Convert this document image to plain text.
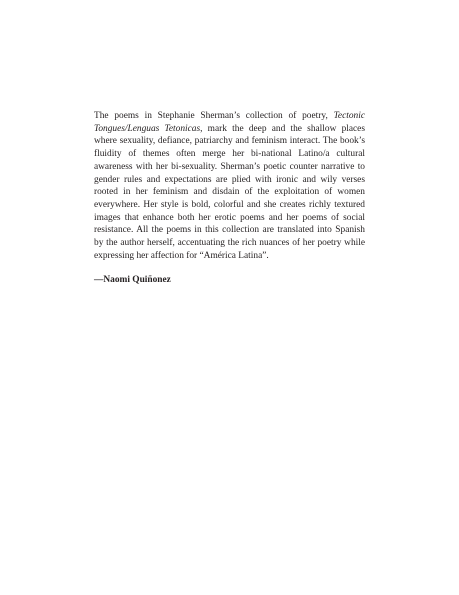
The poems in Stephanie Sherman’s collection of poetry, Tectonic Tongues/Lenguas Tetonicas, mark the deep and the shallow places where sexuality, defiance, patriarchy and feminism interact. The book’s fluidity of themes often merge her bi-national Latino/a cultural awareness with her bi-sexuality. Sherman’s poetic counter narrative to gender rules and expectations are plied with ironic and wily verses rooted in her feminism and disdain of the exploitation of women everywhere. Her style is bold, colorful and she creates richly textured images that enhance both her erotic poems and her poems of social resistance. All the poems in this collection are translated into Spanish by the author herself, accentuating the rich nuances of her poetry while expressing her affection for “América Latina”.

—Naomi Quiñonez
